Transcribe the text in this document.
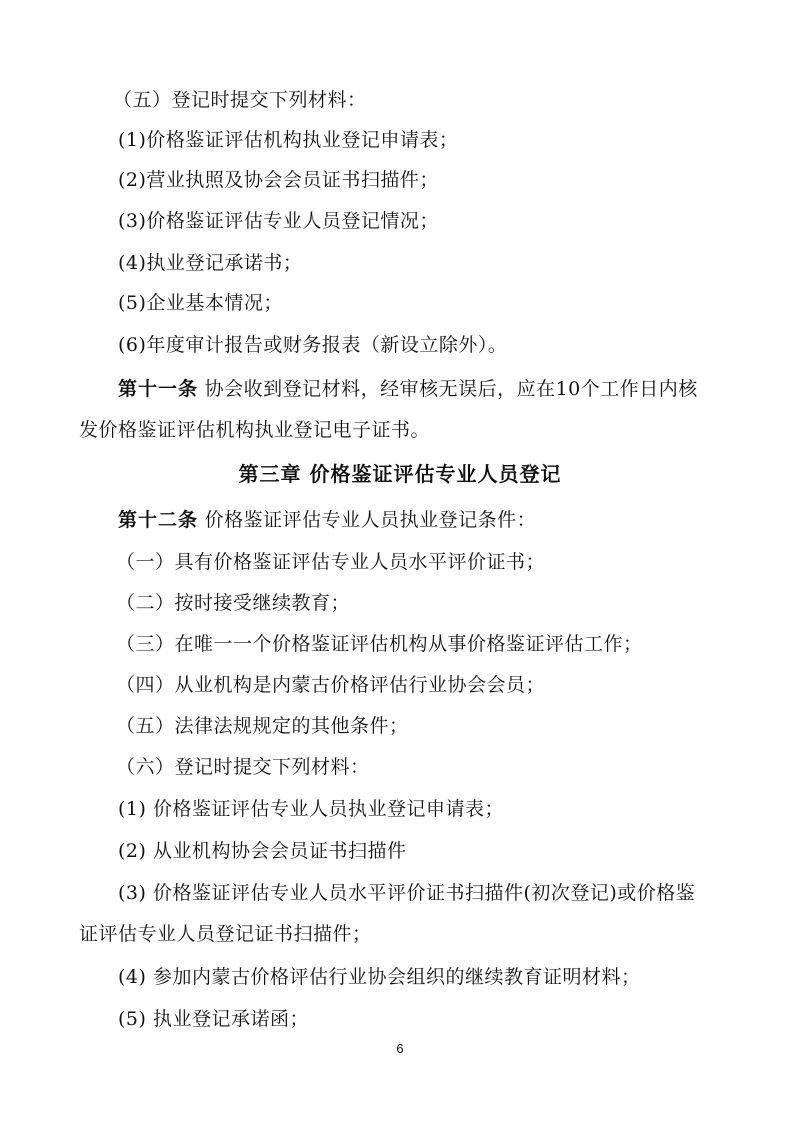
（五）登记时提交下列材料：
(1)价格鉴证评估机构执业登记申请表；
(2)营业执照及协会会员证书扫描件；
(3)价格鉴证评估专业人员登记情况；
(4)执业登记承诺书；
(5)企业基本情况；
(6)年度审计报告或财务报表（新设立除外）。
第十一条 协会收到登记材料，经审核无误后，应在10个工作日内核
发价格鉴证评估机构执业登记电子证书。
第三章 价格鉴证评估专业人员登记
第十二条 价格鉴证评估专业人员执业登记条件：
（一）具有价格鉴证评估专业人员水平评价证书；
（二）按时接受继续教育；
（三）在唯一一个价格鉴证评估机构从事价格鉴证评估工作；
（四）从业机构是内蒙古价格评估行业协会会员；
（五）法律法规规定的其他条件；
（六）登记时提交下列材料：
(1) 价格鉴证评估专业人员执业登记申请表；
(2) 从业机构协会会员证书扫描件
(3) 价格鉴证评估专业人员水平评价证书扫描件(初次登记)或价格鉴
证评估专业人员登记证书扫描件；
(4) 参加内蒙古价格评估行业协会组织的继续教育证明材料；
(5) 执业登记承诺函；
6
